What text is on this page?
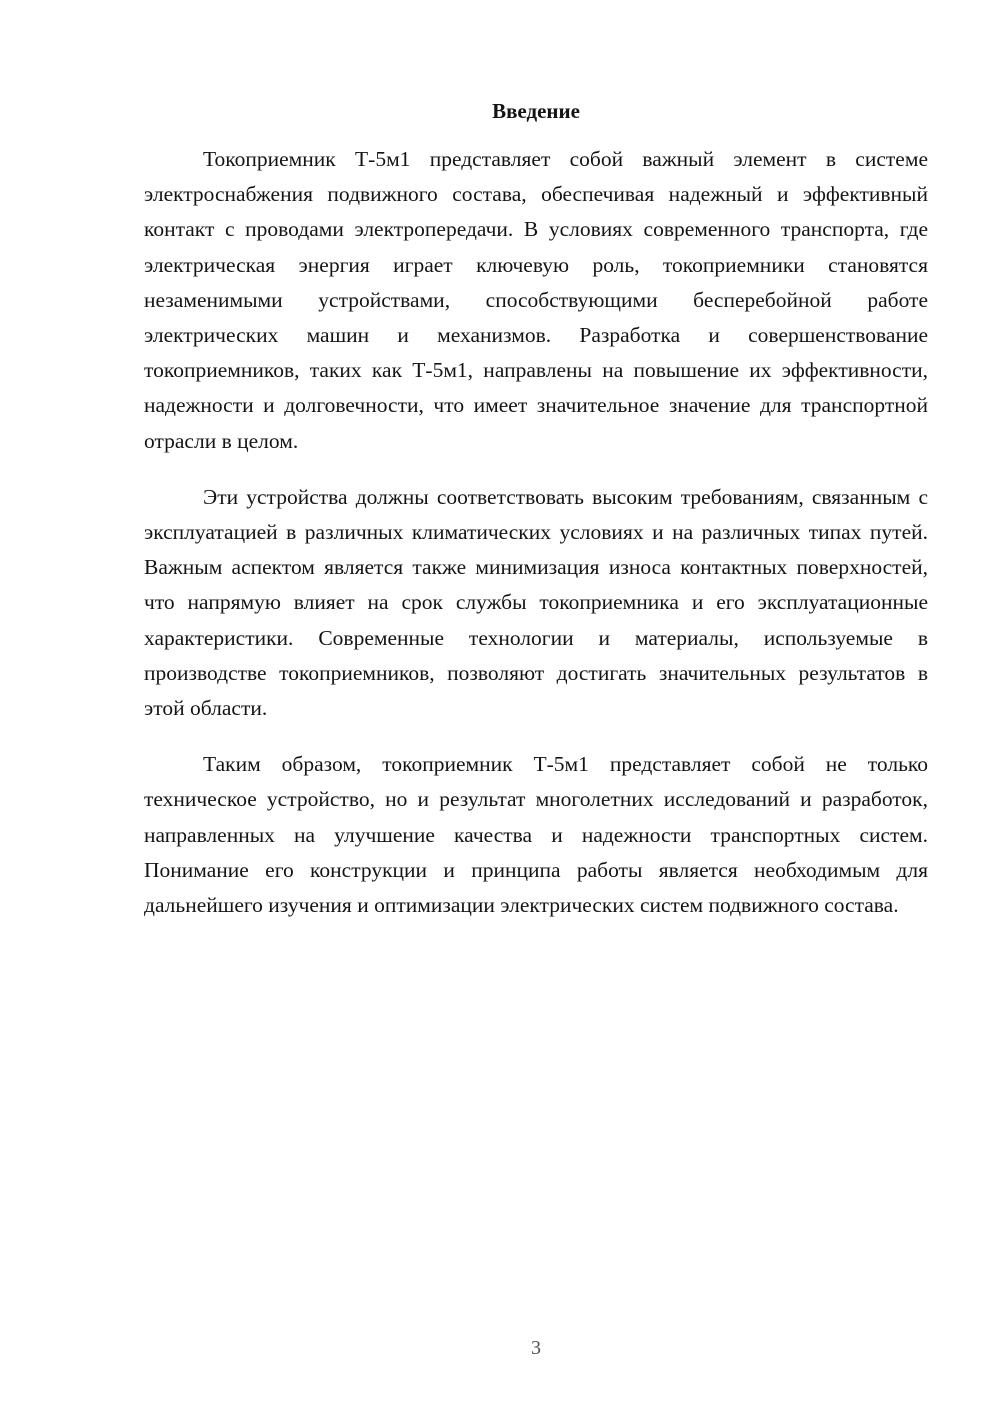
Введение

Токоприемник Т-5м1 представляет собой важный элемент в системе электроснабжения подвижного состава, обеспечивая надежный и эффективный контакт с проводами электропередачи. В условиях современного транспорта, где электрическая энергия играет ключевую роль, токоприемники становятся незаменимыми устройствами, способствующими бесперебойной работе электрических машин и механизмов. Разработка и совершенствование токоприемников, таких как Т-5м1, направлены на повышение их эффективности, надежности и долговечности, что имеет значительное значение для транспортной отрасли в целом.

Эти устройства должны соответствовать высоким требованиям, связанным с эксплуатацией в различных климатических условиях и на различных типах путей. Важным аспектом является также минимизация износа контактных поверхностей, что напрямую влияет на срок службы токоприемника и его эксплуатационные характеристики. Современные технологии и материалы, используемые в производстве токоприемников, позволяют достигать значительных результатов в этой области.

Таким образом, токоприемник Т-5м1 представляет собой не только техническое устройство, но и результат многолетних исследований и разработок, направленных на улучшение качества и надежности транспортных систем. Понимание его конструкции и принципа работы является необходимым для дальнейшего изучения и оптимизации электрических систем подвижного состава.

3
